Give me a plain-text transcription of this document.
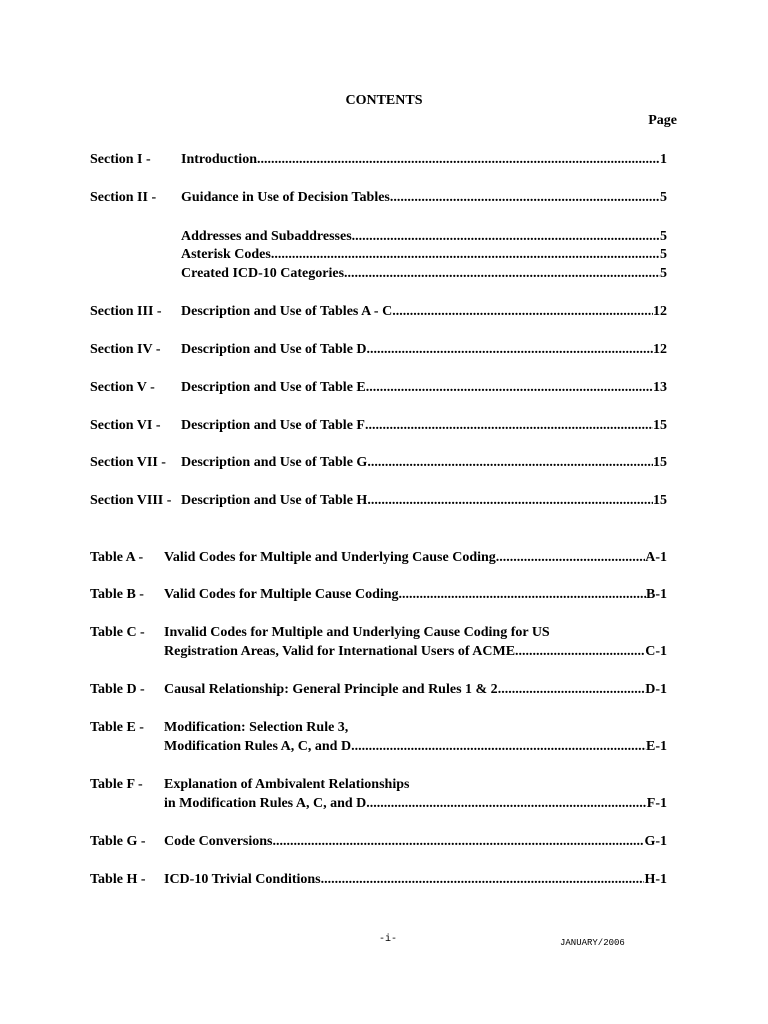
CONTENTS
Page
Section I -	Introduction .....	1
Section II -	Guidance in Use of Decision Tables .....	5
Addresses and Subaddresses .....	5
Asterisk Codes .....	5
Created ICD-10 Categories .....	5
Section III -	Description and Use of Tables A - C .....	12
Section IV -	Description and Use of Table D .....	12
Section V -	Description and Use of Table E .....	13
Section VI -	Description and Use of Table F .....	15
Section VII -	Description and Use of Table G .....	15
Section VIII - Description and Use of Table H .....	15
Table A -	Valid Codes for Multiple and Underlying Cause Coding .....	A-1
Table B -	Valid Codes for Multiple Cause Coding .....	B-1
Table C -	Invalid Codes for Multiple and Underlying Cause Coding for US
Registration Areas, Valid for International Users of ACME .....	C-1
Table D -	Causal Relationship: General Principle and Rules 1 & 2 .....	D-1
Table E -	Modification: Selection Rule 3,
Modification Rules A, C, and D .....	E-1
Table F -	Explanation of Ambivalent Relationships
in Modification Rules A, C, and D .....	F-1
Table G -	Code Conversions .....	G-1
Table H -	ICD-10 Trivial Conditions .....	H-1
-i-	JANUARY/2006
